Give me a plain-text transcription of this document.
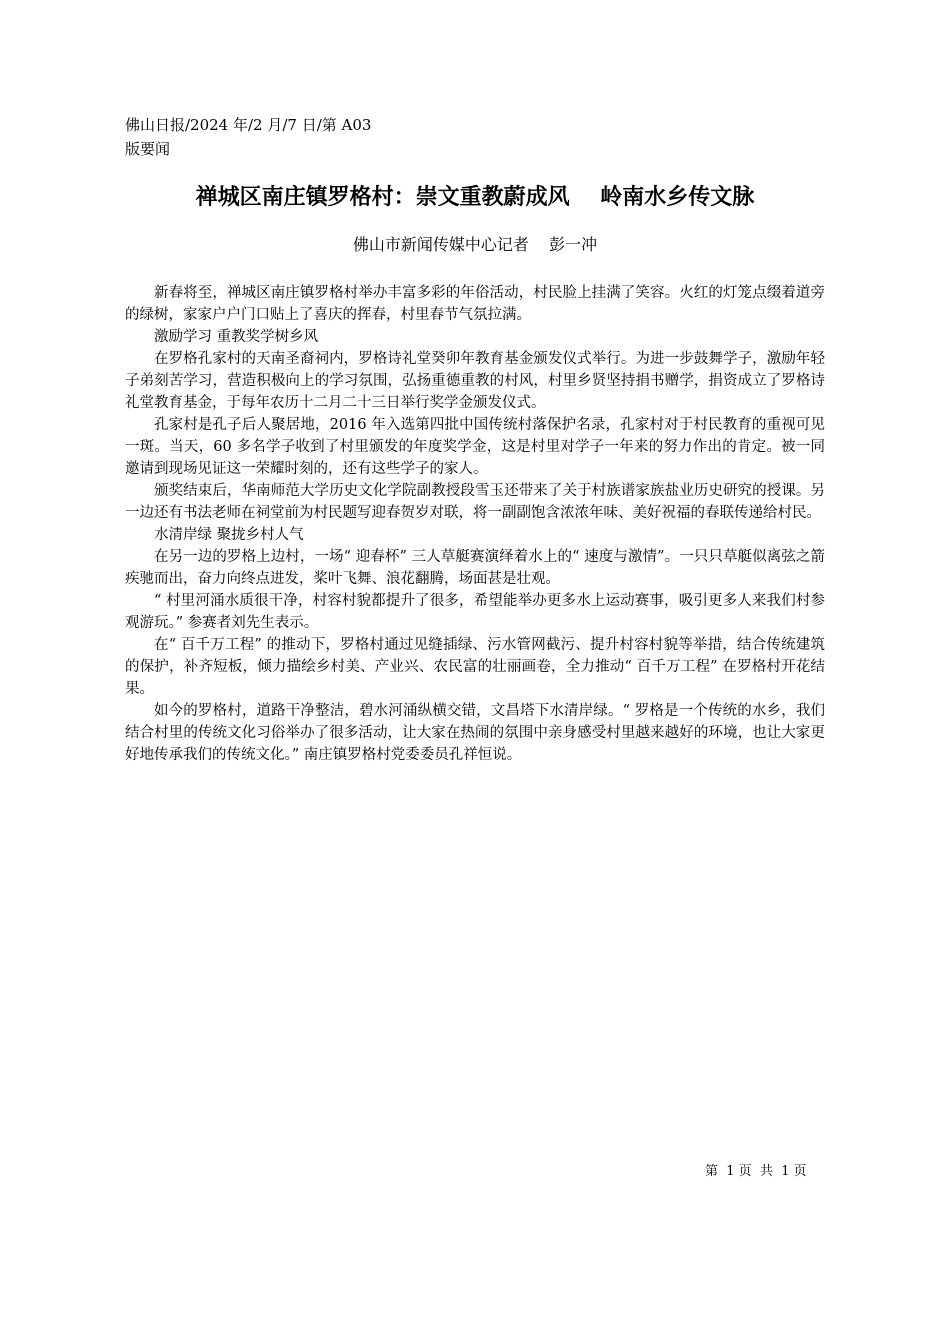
佛山日报/2024 年/2 月/7 日/第 A03
版要闻
禅城区南庄镇罗格村：崇文重教蔚成风    岭南水乡传文脉
佛山市新闻传媒中心记者    彭一冲

新春将至，禅城区南庄镇罗格村举办丰富多彩的年俗活动，村民脸上挂满了笑容。火红的灯笼点缀着道旁的绿树，家家户户门口贴上了喜庆的挥春，村里春节气氛拉满。

激励学习 重教奖学树乡风

在罗格孔家村的天南圣裔祠内，罗格诗礼堂癸卯年教育基金颁发仪式举行。为进一步鼓舞学子，激励年轻子弟刻苦学习，营造积极向上的学习氛围，弘扬重德重教的村风，村里乡贤坚持捐书赠学，捐资成立了罗格诗礼堂教育基金，于每年农历十二月二十三日举行奖学金颁发仪式。

孔家村是孔子后人聚居地，2016 年入选第四批中国传统村落保护名录，孔家村对于村民教育的重视可见一斑。当天，60 多名学子收到了村里颁发的年度奖学金，这是村里对学子一年来的努力作出的肯定。被一同邀请到现场见证这一荣耀时刻的，还有这些学子的家人。

颁奖结束后，华南师范大学历史文化学院副教授段雪玉还带来了关于村族谱家族盐业历史研究的授课。另一边还有书法老师在祠堂前为村民题写迎春贺岁对联，将一副副饱含浓浓年味、美好祝福的春联传递给村民。

水清岸绿 聚拢乡村人气

在另一边的罗格上边村，一场“ 迎春杯” 三人草艇赛演绎着水上的“ 速度与激情”。一只只草艇似离弦之箭疾驰而出，奋力向终点进发，桨叶飞舞、浪花翻腾，场面甚是壮观。

“ 村里河涌水质很干净，村容村貌都提升了很多，希望能举办更多水上运动赛事，吸引更多人来我们村参观游玩。” 参赛者刘先生表示。

在“ 百千万工程” 的推动下，罗格村通过见缝插绿、污水管网截污、提升村容村貌等举措，结合传统建筑的保护，补齐短板，倾力描绘乡村美、产业兴、农民富的壮丽画卷，全力推动“ 百千万工程” 在罗格村开花结果。

如今的罗格村，道路干净整洁，碧水河涌纵横交错，文昌塔下水清岸绿。“ 罗格是一个传统的水乡，我们结合村里的传统文化习俗举办了很多活动，让大家在热闹的氛围中亲身感受村里越来越好的环境，也让大家更好地传承我们的传统文化。” 南庄镇罗格村党委委员孔祥恒说。

第  1 页  共  1 页
